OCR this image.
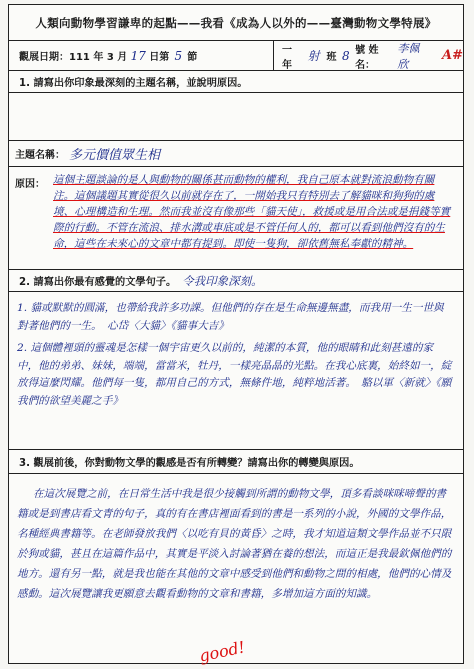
人類向動物學習謙卑的起點——我看《成為人以外的——臺灣動物文學特展》
觀展日期：111 年 3 月 17 日第 5 節
一年
射 班 8 號 姓名：
李佩欣
A#
1. 請寫出你印象最深刻的主題名稱，並說明原因。
主題名稱： 多元價值眾生相
原因： 這個主題談論的是人與動物的關係甚而動物的權利，我自己原本就對流浪動物有關注。這個議題其實從很久以前就存在了，一開始我只有特別去了解貓咪和狗狗的處境、心理構造和生理。然而我並沒有像那些「貓天使」，救援或是用合法或是捐錢等實際的行動。不管在流浪、排水溝或車底或是不管任何人的，都可以看到他們沒有的生命，這些在未來心的文章中都有提到。即使一隻狗，卻依舊無私奉獻的精神。
2. 請寫出你最有感覺的文學句子。 令我印象深刻。

1. 貓或默默的圓滿，也帶給我許多功課。但他們的存在是生命無邊無盡，而我用一生一世與對著他們的一生。　心岱〈大貓〉《貓事大吉》

2. 這個體裡頭的靈魂是怎樣一個宇宙更久以前的，純潔的本質，他的眼睛和此刻甚遠的家中，他的弟弟、妹妹，端端，當當米，牡丹，一樣亮晶晶的光點。在我心底裏，始終如一，綻放得這麼閃耀。他們每一隻，都用自己的方式，無條件地，純粹地活著。　駱以軍〈新就〉《願我們的欲望美麗之手》

3. 觀展前後，你對動物文學的觀感是否有所轉變？請寫出你的轉變與原因。
在這次展覽之前，在日常生活中我是很少接觸到所謂的動物文學，頂多看談咪咪啼聲的書籍或是到書店看文青的句子，真的有在書店裡面看到的書是一系列的小說，外國的文學作品，名種經典書籍等。在老師發放我們〈以吃有貝的黃昏〉之時，我才知道這類文學作品並不只限於狗或貓，甚且在這篇作品中，其實是平淡入討論著猶在養的想法，而這正是我最欽佩他們的地方。還有另一點，就是我也能在其他的文章中感受到他們和動物之間的相處，他們的心情及感動。這次展覽讓我更願意去觀看動物的文章和書籍，多增加這方面的知識。
good!
